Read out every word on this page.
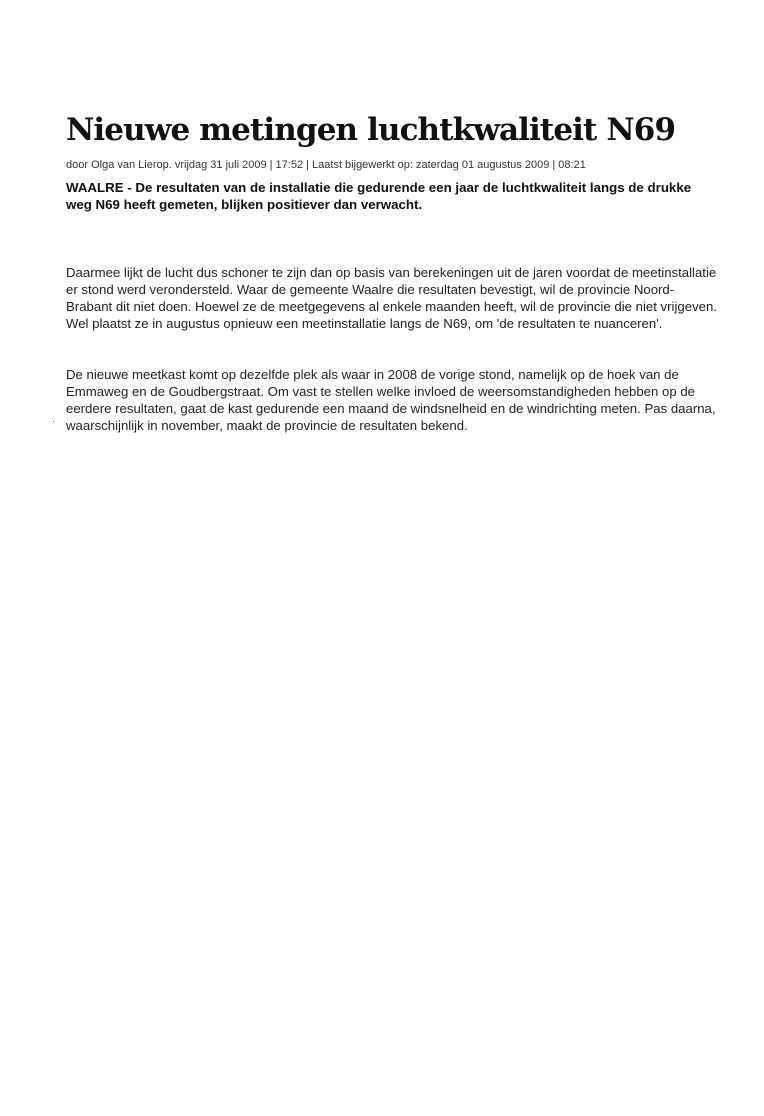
Nieuwe metingen luchtkwaliteit N69
door Olga van Lierop. vrijdag 31 juli 2009 | 17:52 | Laatst bijgewerkt op: zaterdag 01 augustus 2009 | 08:21
WAALRE - De resultaten van de installatie die gedurende een jaar de luchtkwaliteit langs de drukke weg N69 heeft gemeten, blijken positiever dan verwacht.

Daarmee lijkt de lucht dus schoner te zijn dan op basis van berekeningen uit de jaren voordat de meetinstallatie er stond werd verondersteld. Waar de gemeente Waalre die resultaten bevestigt, wil de provincie Noord-Brabant dit niet doen. Hoewel ze de meetgegevens al enkele maanden heeft, wil de provincie die niet vrijgeven. Wel plaatst ze in augustus opnieuw een meetinstallatie langs de N69, om 'de resultaten te nuanceren'.

De nieuwe meetkast komt op dezelfde plek als waar in 2008 de vorige stond, namelijk op de hoek van de Emmaweg en de Goudbergstraat. Om vast te stellen welke invloed de weersomstandigheden hebben op de eerdere resultaten, gaat de kast gedurende een maand de windsnelheid en de windrichting meten. Pas daarna, waarschijnlijk in november, maakt de provincie de resultaten bekend.
